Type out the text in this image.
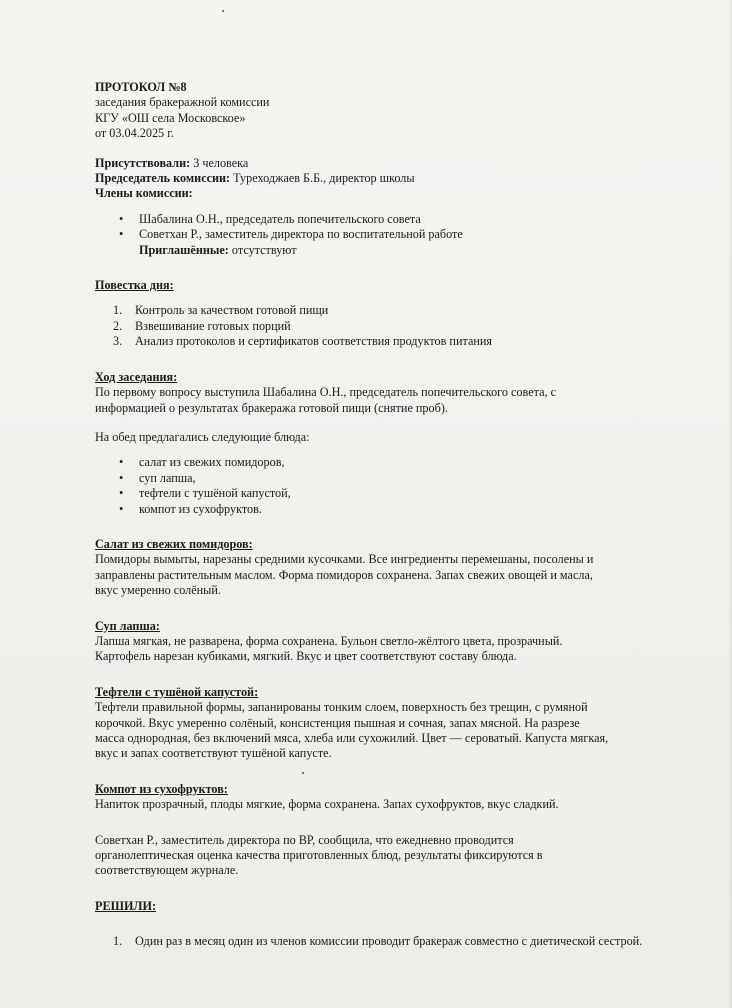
ПРОТОКОЛ №8
заседания бракеражной комиссии
КГУ «ОШ села Московское»
от 03.04.2025 г.
Присутствовали: 3 человека
Председатель комиссии: Туреходжаев Б.Б., директор школы
Члены комиссии:
• Шабалина О.Н., председатель попечительского совета
• Советхан Р., заместитель директора по воспитательной работе
Приглашённые: отсутствуют
Повестка дня:
1. Контроль за качеством готовой пищи
2. Взвешивание готовых порций
3. Анализ протоколов и сертификатов соответствия продуктов питания
Ход заседания:
По первому вопросу выступила Шабалина О.Н., председатель попечительского совета, с
информацией о результатах бракеража готовой пищи (снятие проб).
На обед предлагались следующие блюда:
• салат из свежих помидоров,
• суп лапша,
• тефтели с тушёной капустой,
• компот из сухофруктов.
Салат из свежих помидоров:
Помидоры вымыты, нарезаны средними кусочками. Все ингредиенты перемешаны, посолены и
заправлены растительным маслом. Форма помидоров сохранена. Запах свежих овощей и масла,
вкус умеренно солёный.
Суп лапша:
Лапша мягкая, не разварена, форма сохранена. Бульон светло-жёлтого цвета, прозрачный.
Картофель нарезан кубиками, мягкий. Вкус и цвет соответствуют составу блюда.
Тефтели с тушёной капустой:
Тефтели правильной формы, запанированы тонким слоем, поверхность без трещин, с румяной
корочкой. Вкус умеренно солёный, консистенция пышная и сочная, запах мясной. На разрезе
масса однородная, без включений мяса, хлеба или сухожилий. Цвет — сероватый. Капуста мягкая,
вкус и запах соответствуют тушёной капусте.
Компот из сухофруктов:
Напиток прозрачный, плоды мягкие, форма сохранена. Запах сухофруктов, вкус сладкий.
Советхан Р., заместитель директора по ВР, сообщила, что ежедневно проводится
органолептическая оценка качества приготовленных блюд, результаты фиксируются в
соответствующем журнале.
РЕШИЛИ:
1. Один раз в месяц один из членов комиссии проводит бракераж совместно с диетической сестрой.
